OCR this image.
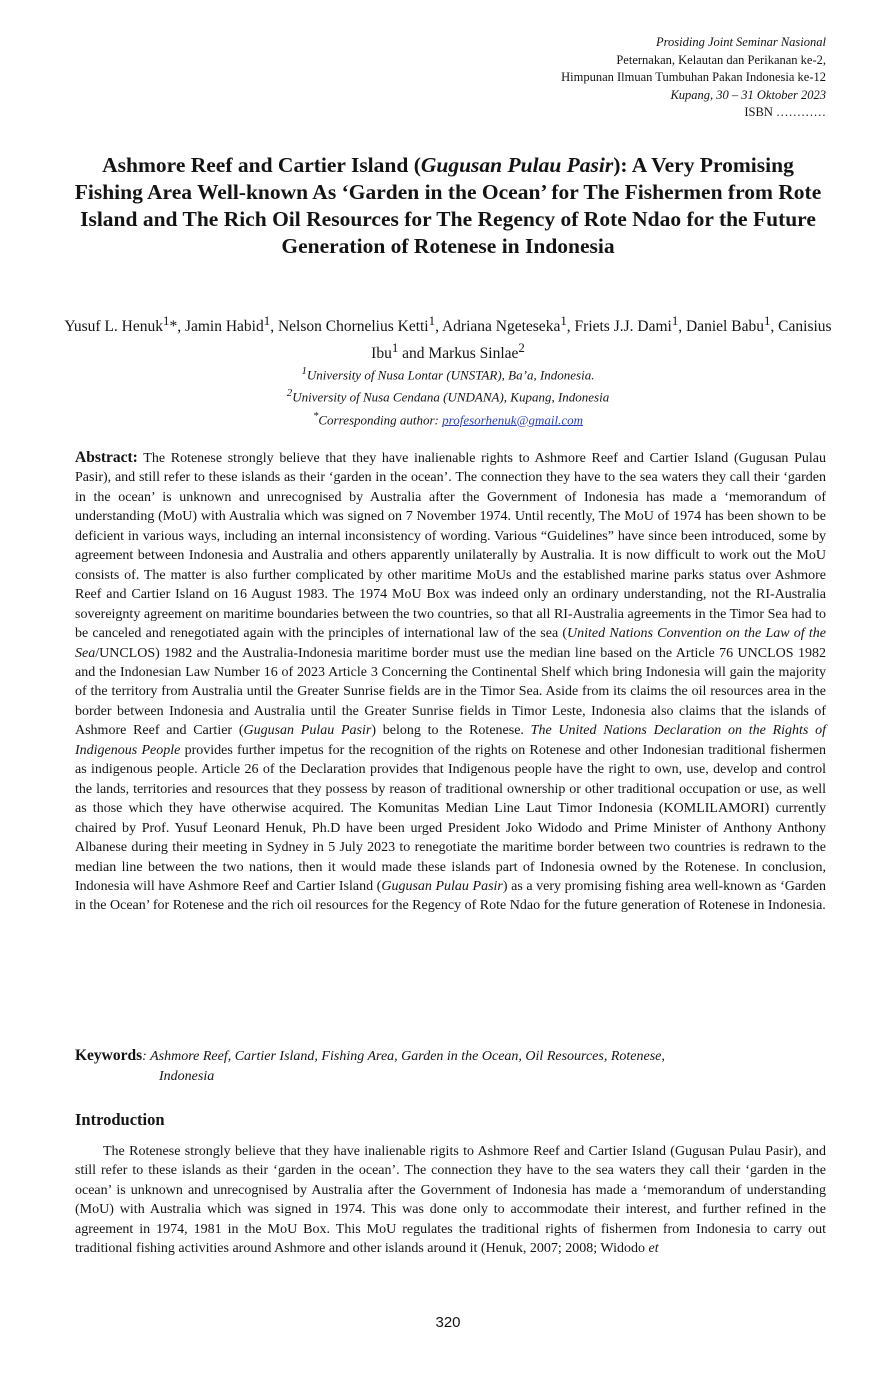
Prosiding Joint Seminar Nasional
Peternakan, Kelautan dan Perikanan ke-2,
Himpunan Ilmuan Tumbuhan Pakan Indonesia ke-12
Kupang, 30 – 31 Oktober 2023
ISBN …………
Ashmore Reef and Cartier Island (Gugusan Pulau Pasir): A Very Promising Fishing Area Well-known As ‘Garden in the Ocean’ for The Fishermen from Rote Island and The Rich Oil Resources for The Regency of Rote Ndao for the Future Generation of Rotenese in Indonesia
Yusuf L. Henuk$^1$*, Jamin Habid$^1$, Nelson Chornelius Ketti$^1$, Adriana Ngeteseka$^1$, Friets J.J. Dami$^1$, Daniel Babu$^1$, Canisius Ibu$^1$ and Markus Sinlae$^2$
$^1$University of Nusa Lontar (UNSTAR), Ba’a, Indonesia.
$^2$University of Nusa Cendana (UNDANA), Kupang, Indonesia
*Corresponding author: profesorhenuk@gmail.com
Abstract: The Rotenese strongly believe that they have inalienable rights to Ashmore Reef and Cartier Island (Gugusan Pulau Pasir), and still refer to these islands as their ‘garden in the ocean’. The connection they have to the sea waters they call their ‘garden in the ocean’ is unknown and unrecognised by Australia after the Government of Indonesia has made a ‘memorandum of understanding (MoU) with Australia which was signed on 7 November 1974. Until recently, The MoU of 1974 has been shown to be deficient in various ways, including an internal inconsistency of wording. Various “Guidelines” have since been introduced, some by agreement between Indonesia and Australia and others apparently unilaterally by Australia. It is now difficult to work out the MoU consists of. The matter is also further complicated by other maritime MoUs and the established marine parks status over Ashmore Reef and Cartier Island on 16 August 1983. The 1974 MoU Box was indeed only an ordinary understanding, not the RI-Australia sovereignty agreement on maritime boundaries between the two countries, so that all RI-Australia agreements in the Timor Sea had to be canceled and renegotiated again with the principles of international law of the sea (United Nations Convention on the Law of the Sea/UNCLOS) 1982 and the Australia-Indonesia maritime border must use the median line based on the Article 76 UNCLOS 1982 and the Indonesian Law Number 16 of 2023 Article 3 Concerning the Continental Shelf which bring Indonesia will gain the majority of the territory from Australia until the Greater Sunrise fields are in the Timor Sea. Aside from its claims the oil resources area in the border between Indonesia and Australia until the Greater Sunrise fields in Timor Leste, Indonesia also claims that the islands of Ashmore Reef and Cartier (Gugusan Pulau Pasir) belong to the Rotenese. The United Nations Declaration on the Rights of Indigenous People provides further impetus for the recognition of the rights on Rotenese and other Indonesian traditional fishermen as indigenous people. Article 26 of the Declaration provides that Indigenous people have the right to own, use, develop and control the lands, territories and resources that they possess by reason of traditional ownership or other traditional occupation or use, as well as those which they have otherwise acquired. The Komunitas Median Line Laut Timor Indonesia (KOMLILAMORI) currently chaired by Prof. Yusuf Leonard Henuk, Ph.D have been urged President Joko Widodo and Prime Minister of Anthony Anthony Albanese during their meeting in Sydney in 5 July 2023 to renegotiate the maritime border between two countries is redrawn to the median line between the two nations, then it would made these islands part of Indonesia owned by the Rotenese. In conclusion, Indonesia will have Ashmore Reef and Cartier Island (Gugusan Pulau Pasir) as a very promising fishing area well-known as ‘Garden in the Ocean’ for Rotenese and the rich oil resources for the Regency of Rote Ndao for the future generation of Rotenese in Indonesia.
Keywords: Ashmore Reef, Cartier Island, Fishing Area, Garden in the Ocean, Oil Resources, Rotenese,
Indonesia
Introduction
The Rotenese strongly believe that they have inalienable rigits to Ashmore Reef and Cartier Island (Gugusan Pulau Pasir), and still refer to these islands as their ‘garden in the ocean’. The connection they have to the sea waters they call their ‘garden in the ocean’ is unknown and unrecognised by Australia after the Government of Indonesia has made a ‘memorandum of understanding (MoU) with Australia which was signed in 1974. This was done only to accommodate their interest, and further refined in the agreement in 1974, 1981 in the MoU Box. This MoU regulates the traditional rights of fishermen from Indonesia to carry out traditional fishing activities around Ashmore and other islands around it (Henuk, 2007; 2008; Widodo et
320
